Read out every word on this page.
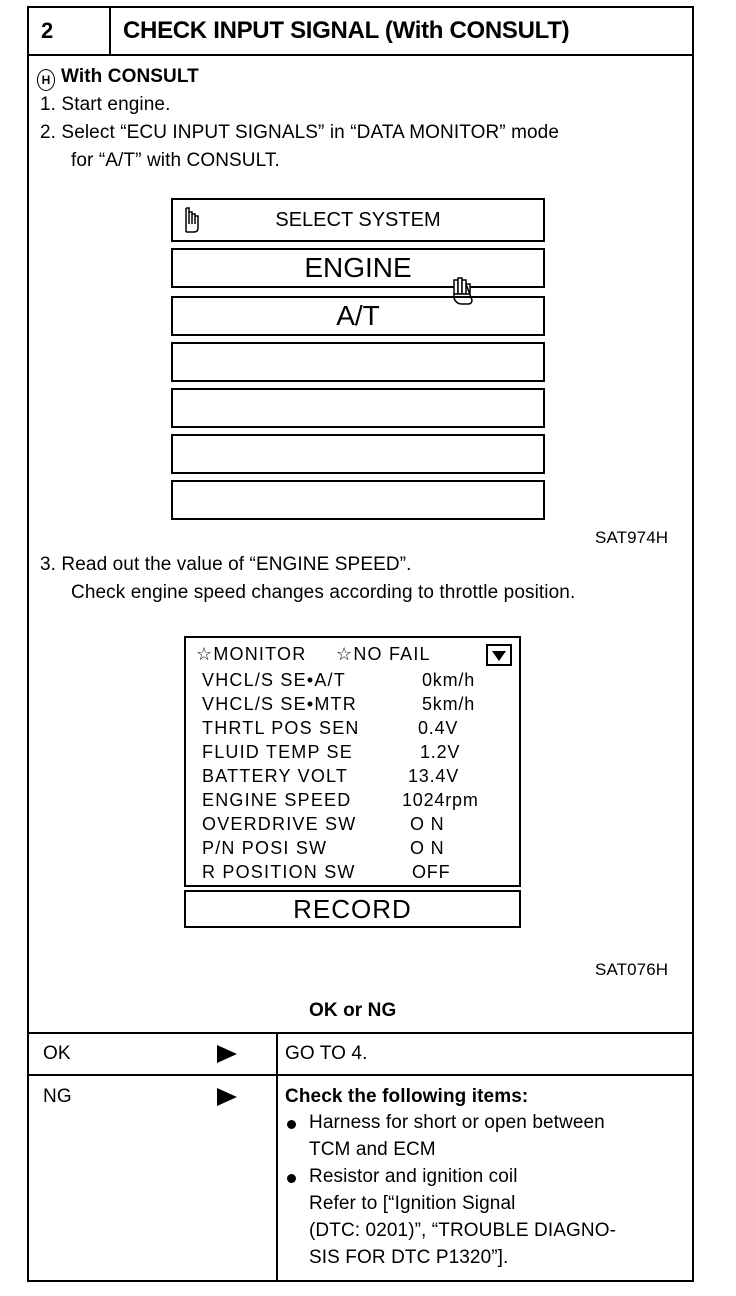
2	CHECK INPUT SIGNAL (With CONSULT)
H With CONSULT
1. Start engine.
2. Select “ECU INPUT SIGNALS” in “DATA MONITOR” mode
for “A/T” with CONSULT.
SELECT SYSTEM
ENGINE
A/T
SAT974H
3. Read out the value of “ENGINE SPEED”.
Check engine speed changes according to throttle position.
☆MONITOR ☆NO FAIL
VHCL/S SE•A/T	0km/h
VHCL/S SE•MTR	5km/h
THRTL POS SEN	0.4V
FLUID TEMP SE	1.2V
BATTERY VOLT	13.4V
ENGINE SPEED	1024rpm
OVERDRIVE SW	O N
P/N POSI SW	O N
R POSITION SW	OFF
RECORD
SAT076H
OK or NG
OK	GO TO 4.
NG	Check the following items:
Harness for short or open between
TCM and ECM
Resistor and ignition coil
Refer to [“Ignition Signal
(DTC: 0201)”, “TROUBLE DIAGNO-
SIS FOR DTC P1320”].
